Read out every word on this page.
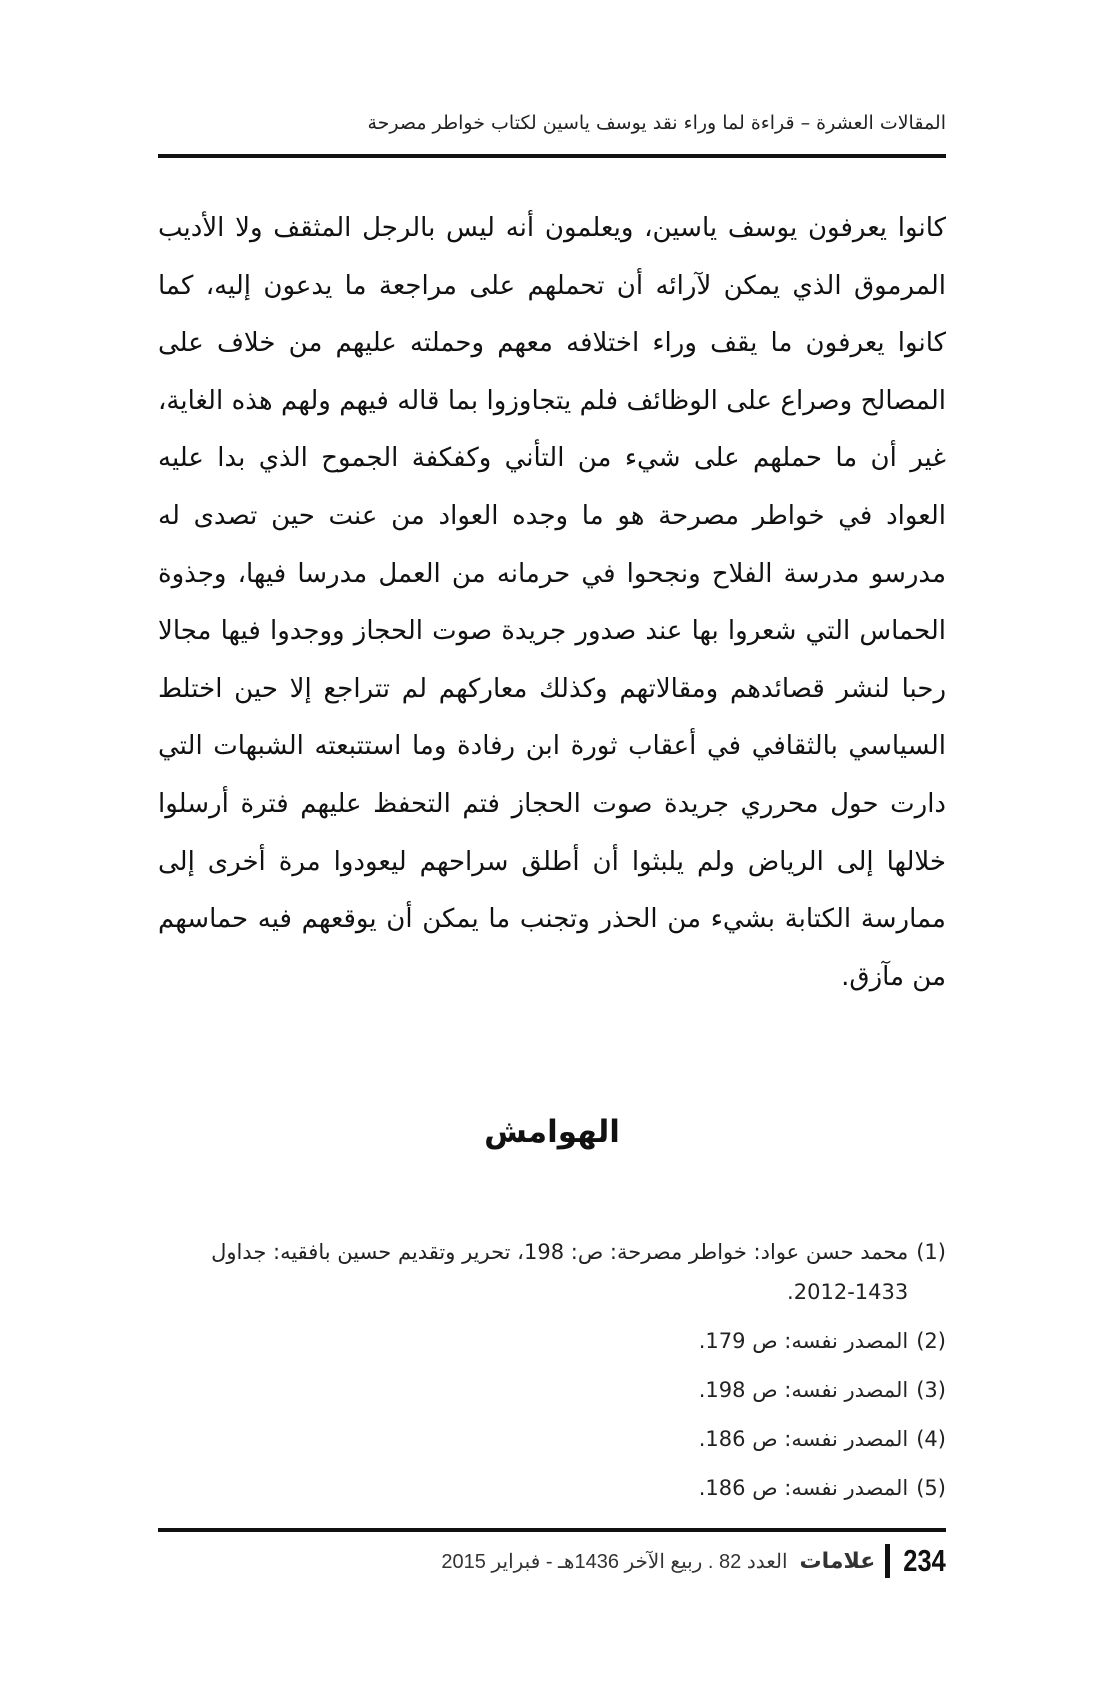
المقالات العشرة – قراءة لما وراء نقد يوسف ياسين لكتاب خواطر مصرحة

كانوا يعرفون يوسف ياسين، ويعلمون أنه ليس بالرجل المثقف ولا الأديب المرموق الذي يمكن لآرائه أن تحملهم على مراجعة ما يدعون إليه، كما كانوا يعرفون ما يقف وراء اختلافه معهم وحملته عليهم من خلاف على المصالح وصراع على الوظائف فلم يتجاوزوا بما قاله فيهم ولهم هذه الغاية، غير أن ما حملهم على شيء من التأني وكفكفة الجموح الذي بدا عليه العواد في خواطر مصرحة هو ما وجده العواد من عنت حين تصدى له مدرسو مدرسة الفلاح ونجحوا في حرمانه من العمل مدرسا فيها، وجذوة الحماس التي شعروا بها عند صدور جريدة صوت الحجاز ووجدوا فيها مجالا رحبا لنشر قصائدهم ومقالاتهم وكذلك معاركهم لم تتراجع إلا حين اختلط السياسي بالثقافي في أعقاب ثورة ابن رفادة وما استتبعته الشبهات التي دارت حول محرري جريدة صوت الحجاز فتم التحفظ عليهم فترة أرسلوا خلالها إلى الرياض ولم يلبثوا أن أطلق سراحهم ليعودوا مرة أخرى إلى ممارسة الكتابة بشيء من الحذر وتجنب ما يمكن أن يوقعهم فيه حماسهم من مآزق.

الهوامش
(1)
محمد حسن عواد: خواطر مصرحة: ص: 198، تحرير وتقديم حسين بافقيه: جداول 1433-2012.
(2)
المصدر نفسه: ص 179.
(3)
المصدر نفسه: ص 198.
(4)
المصدر نفسه: ص 186.
(5)
المصدر نفسه: ص 186.
234
علامات
العدد 82 . ربيع الآخر 1436هـ - فبراير 2015
